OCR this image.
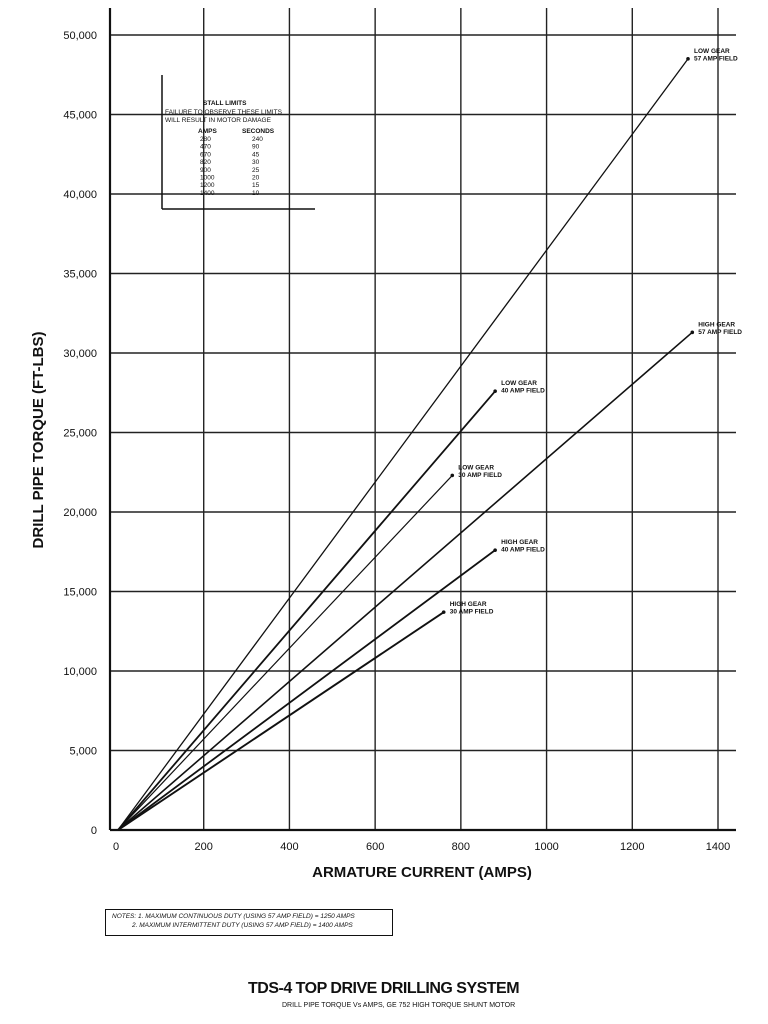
LOW GEAR
57 AMP FIELD
HIGH GEAR
57 AMP FIELD
LOW GEAR
40 AMP FIELD
LOW GEAR
30 AMP FIELD
HIGH GEAR
40 AMP FIELD
HIGH GEAR
30 AMP FIELD
0	200	400	600	800	1000	1200	1400
0
5,000
10,000
15,000
20,000
25,000
30,000
35,000
40,000
45,000
50,000
ARMATURE CURRENT (AMPS)
DRILL PIPE TORQUE (FT-LBS)
STALL LIMITS
FAILURE TO OBSERVE THESE LIMITS
WILL RESULT IN MOTOR DAMAGE
AMPS	SECONDS
280	240
470	90
670	45
820	30
900	25
1000	20
1200	15
1400	10
NOTES: 1. MAXIMUM CONTINUOUS DUTY (USING 57 AMP FIELD) = 1250 AMPS
2. MAXIMUM INTERMITTENT DUTY (USING 57 AMP FIELD) = 1400 AMPS
TDS-4 TOP DRIVE DRILLING SYSTEM
DRILL PIPE TORQUE Vs AMPS, GE 752 HIGH TORQUE SHUNT MOTOR
